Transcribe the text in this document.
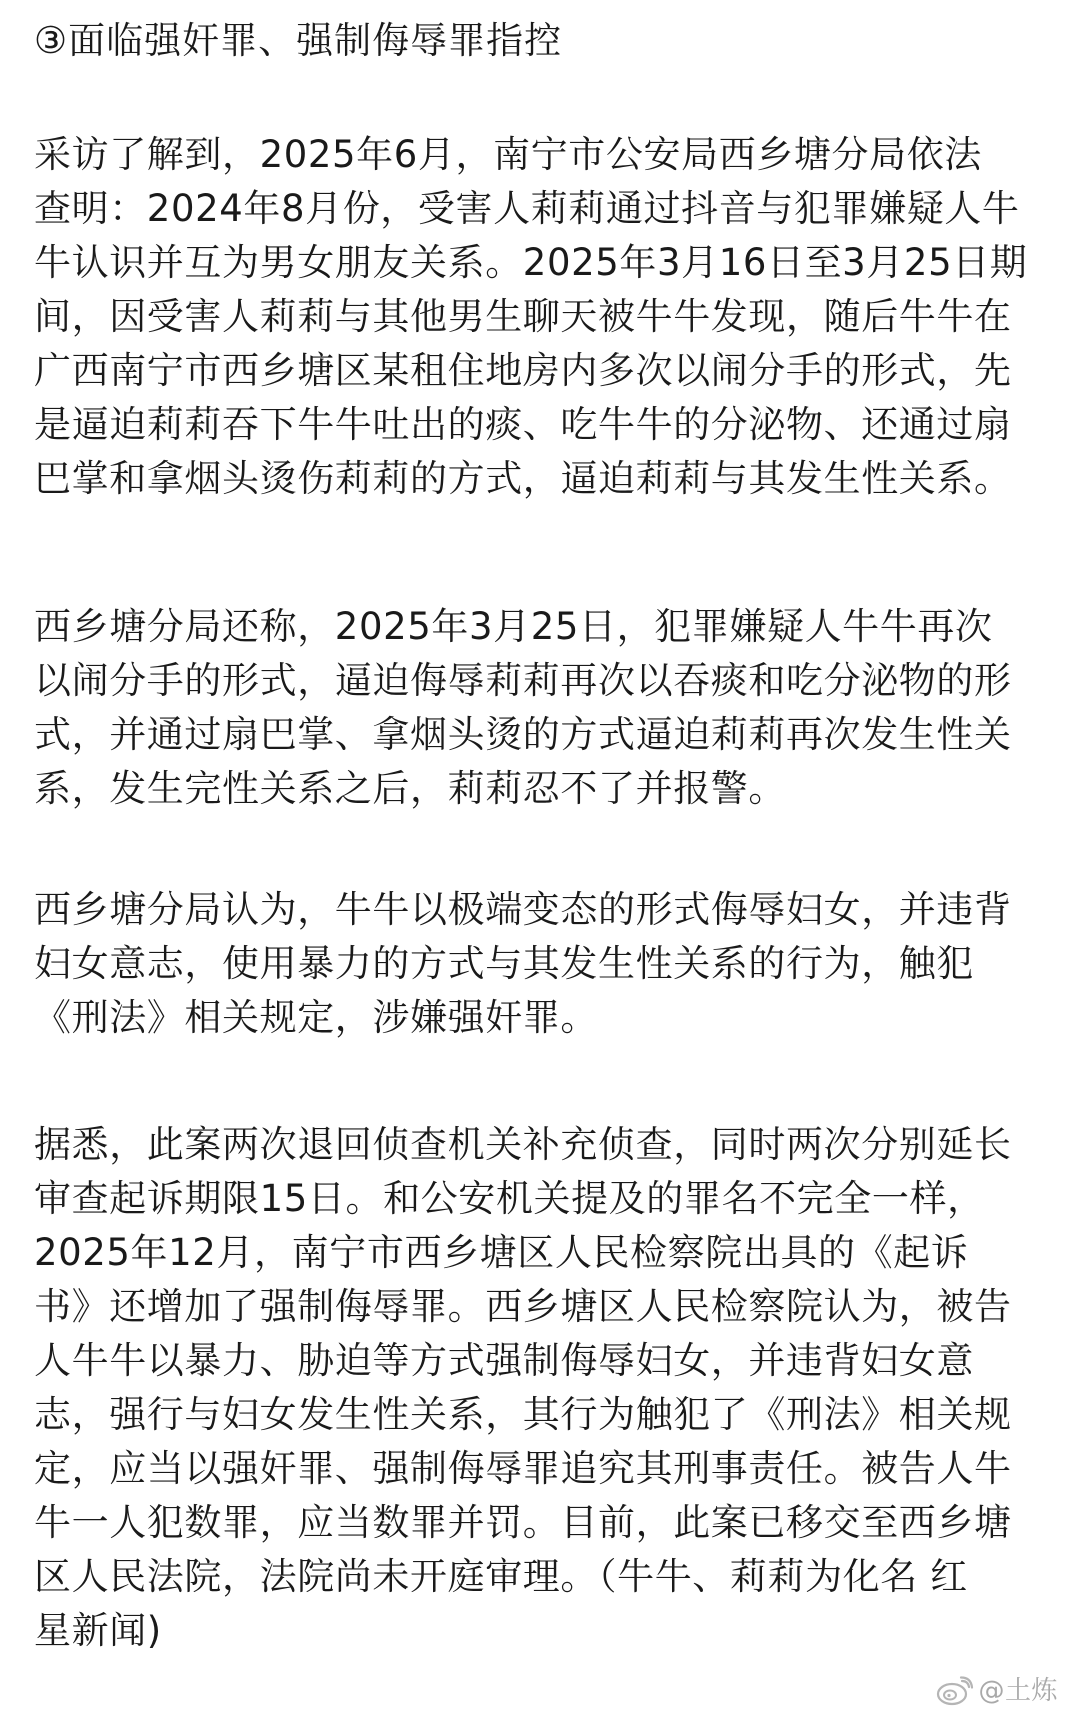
③面临强奸罪、强制侮辱罪指控

采访了解到，2025年6月，南宁市公安局西乡塘分局依法
查明：2024年8月份，受害人莉莉通过抖音与犯罪嫌疑人牛
牛认识并互为男女朋友关系。2025年3月16日至3月25日期
间，因受害人莉莉与其他男生聊天被牛牛发现，随后牛牛在
广西南宁市西乡塘区某租住地房内多次以闹分手的形式，先
是逼迫莉莉吞下牛牛吐出的痰、吃牛牛的分泌物、还通过扇
巴掌和拿烟头烫伤莉莉的方式，逼迫莉莉与其发生性关系。

西乡塘分局还称，2025年3月25日，犯罪嫌疑人牛牛再次
以闹分手的形式，逼迫侮辱莉莉再次以吞痰和吃分泌物的形
式，并通过扇巴掌、拿烟头烫的方式逼迫莉莉再次发生性关
系，发生完性关系之后，莉莉忍不了并报警。

西乡塘分局认为，牛牛以极端变态的形式侮辱妇女，并违背
妇女意志，使用暴力的方式与其发生性关系的行为，触犯
《刑法》相关规定，涉嫌强奸罪。

据悉，此案两次退回侦查机关补充侦查，同时两次分别延长
审查起诉期限15日。和公安机关提及的罪名不完全一样，
2025年12月，南宁市西乡塘区人民检察院出具的《起诉
书》还增加了强制侮辱罪。西乡塘区人民检察院认为，被告
人牛牛以暴力、胁迫等方式强制侮辱妇女，并违背妇女意
志，强行与妇女发生性关系，其行为触犯了《刑法》相关规
定，应当以强奸罪、强制侮辱罪追究其刑事责任。被告人牛
牛一人犯数罪，应当数罪并罚。目前，此案已移交至西乡塘
区人民法院，法院尚未开庭审理。（牛牛、莉莉为化名 红
星新闻)

@土炼
